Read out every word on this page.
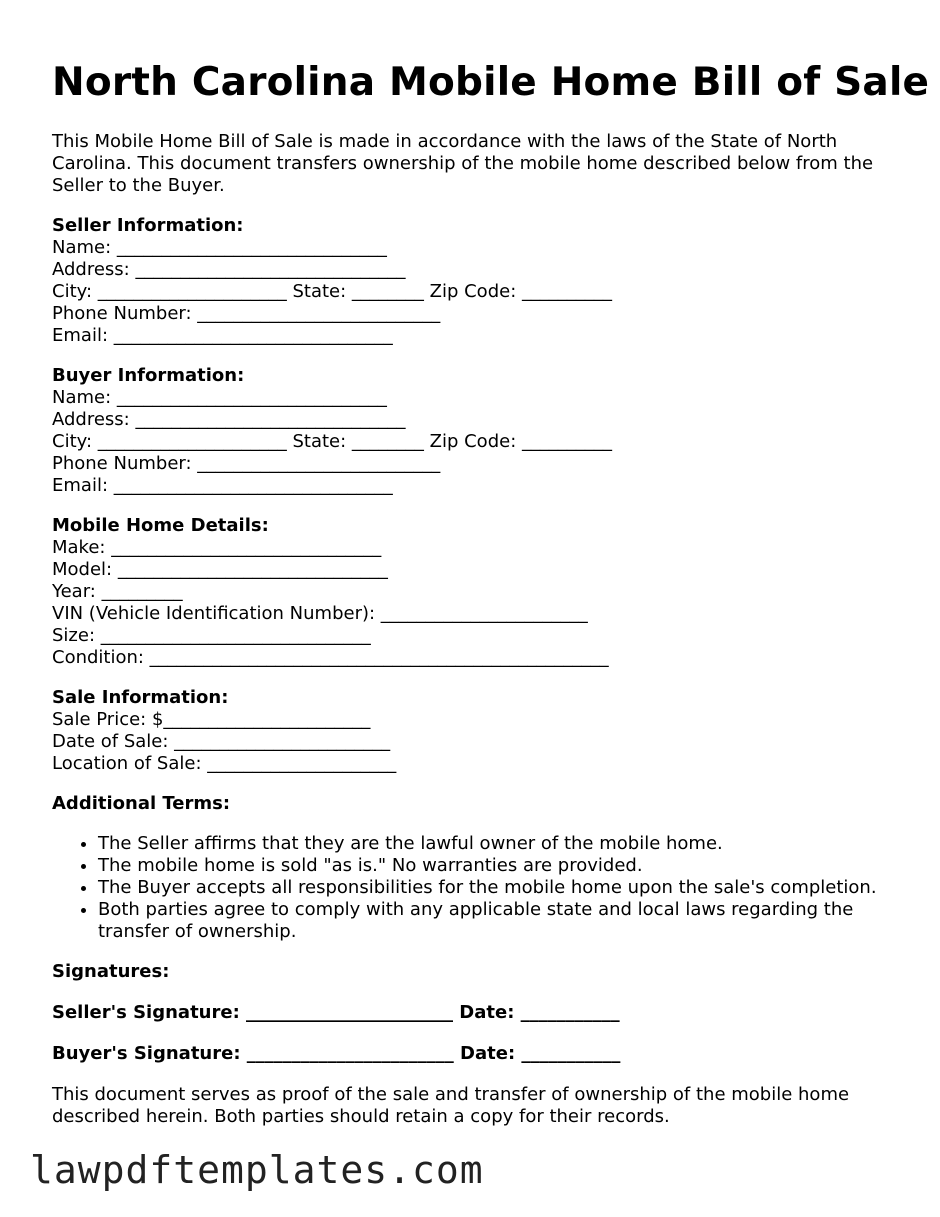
North Carolina Mobile Home Bill of Sale

This Mobile Home Bill of Sale is made in accordance with the laws of the State of North Carolina. This document transfers ownership of the mobile home described below from the Seller to the Buyer.

Seller Information:
Name: ______________________________
Address: ______________________________
City: _____________________ State: ________ Zip Code: __________
Phone Number: ___________________________
Email: _______________________________
Buyer Information:
Name: ______________________________
Address: ______________________________
City: _____________________ State: ________ Zip Code: __________
Phone Number: ___________________________
Email: _______________________________
Mobile Home Details:
Make: ______________________________
Model: ______________________________
Year: _________
VIN (Vehicle Identification Number): _______________________
Size: ______________________________
Condition: ___________________________________________________
Sale Information:
Sale Price: $_______________________
Date of Sale: ________________________
Location of Sale: _____________________
Additional Terms:
• The Seller affirms that they are the lawful owner of the mobile home.
• The mobile home is sold "as is." No warranties are provided.
• The Buyer accepts all responsibilities for the mobile home upon the sale's completion.
• Both parties agree to comply with any applicable state and local laws regarding the transfer of ownership.
Signatures:
Seller's Signature: _______________________ Date: ___________
Buyer's Signature: _______________________ Date: ___________

This document serves as proof of the sale and transfer of ownership of the mobile home described herein. Both parties should retain a copy for their records.

lawpdftemplates.com
